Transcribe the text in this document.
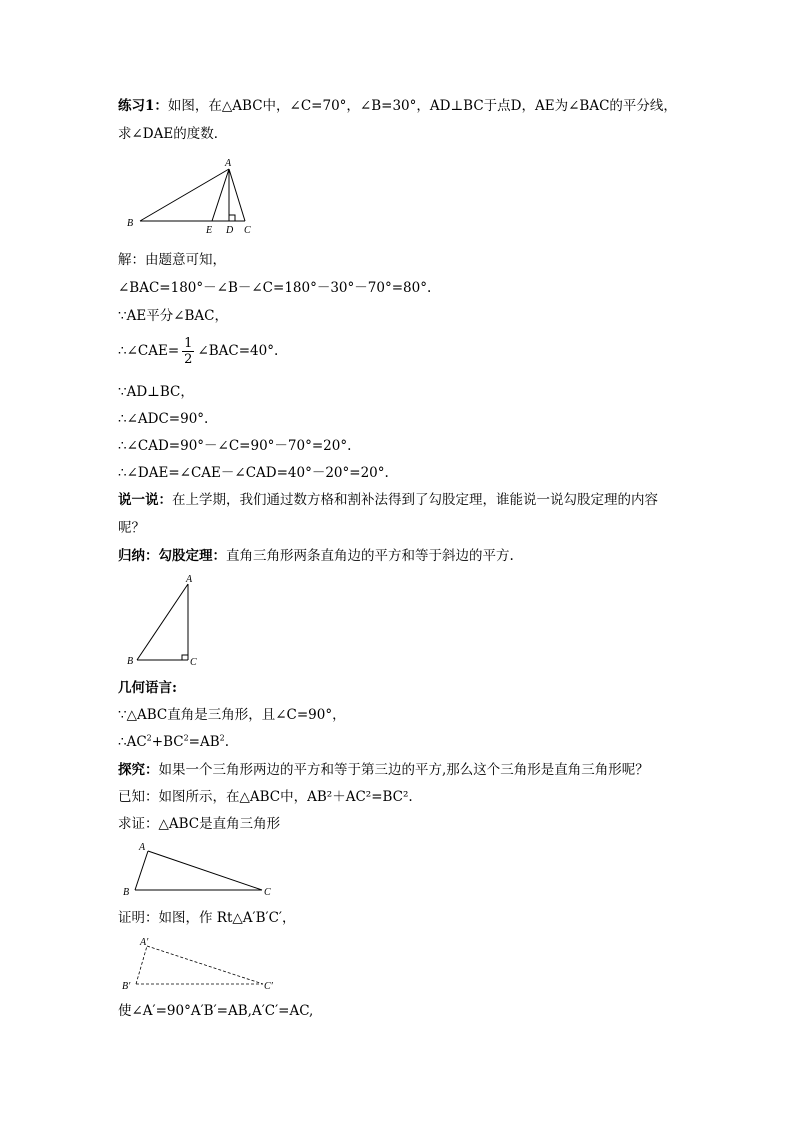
练习1：如图，在△ABC中，∠C=70°，∠B=30°，AD⊥BC于点D，AE为∠BAC的平分线，
求∠DAE的度数．
A
B
E D C
解：由题意可知，
∠BAC=180°－∠B－∠C=180°－30°－70°=80°.
∵AE平分∠BAC，
∴∠CAE= $\frac{1}{2}$ ∠BAC=40°.
∵AD⊥BC，
∴∠ADC=90°.
∴∠CAD=90°－∠C=90°－70°=20°.
∴∠DAE=∠CAE－∠CAD=40°－20°=20°.
说一说：在上学期，我们通过数方格和割补法得到了勾股定理，谁能说一说勾股定理的内容
呢？
归纳：勾股定理：直角三角形两条直角边的平方和等于斜边的平方.
A
B	C
几何语言:
∵△ABC直角是三角形，且∠C=90°，
$\therefore AC^2+BC^2=AB^2$.
探究：如果一个三角形两边的平方和等于第三边的平方,那么这个三角形是直角三角形呢？
已知：如图所示，在△ABC中，AB²＋AC²=BC².
求证：△ABC是直角三角形
A
B	C
证明：如图，作 Rt△A′B′C′，
A′
B′	C′
使∠A′=90°A′B′=AB,A′C′=AC,
